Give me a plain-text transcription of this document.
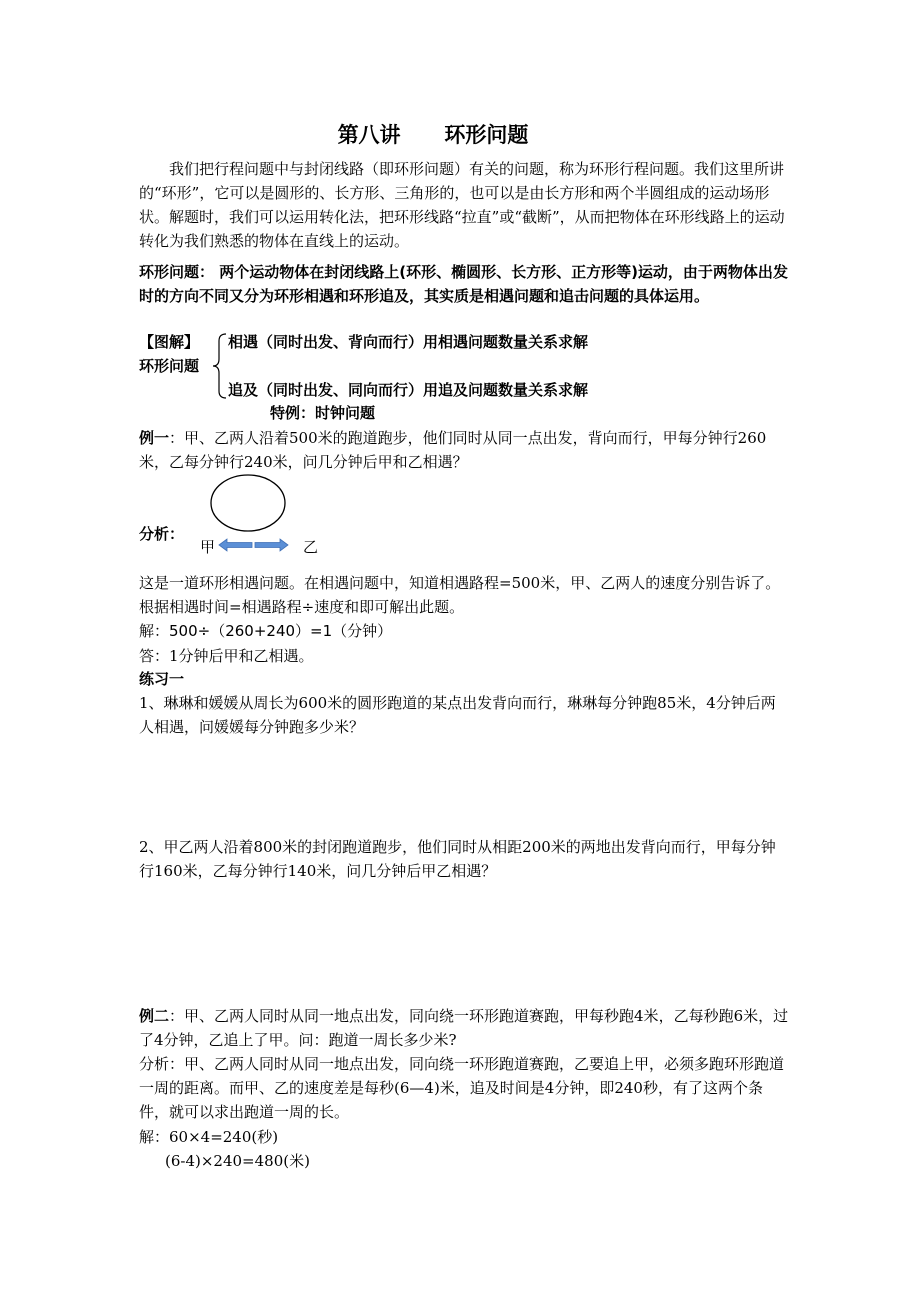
第八讲      环形问题
我们把行程问题中与封闭线路（即环形问题）有关的问题，称为环形行程问题。我们这里所讲的“环形”，它可以是圆形的、长方形、三角形的，也可以是由长方形和两个半圆组成的运动场形状。解题时，我们可以运用转化法，把环形线路“拉直”或“截断”，从而把物体在环形线路上的运动转化为我们熟悉的物体在直线上的运动。
环形问题： 两个运动物体在封闭线路上(环形、椭圆形、长方形、正方形等)运动，由于两物体出发时的方向不同又分为环形相遇和环形追及，其实质是相遇问题和追击问题的具体运用。
【图解】
环形问题
相遇（同时出发、背向而行）用相遇问题数量关系求解
追及（同时出发、同向而行）用追及问题数量关系求解
特例：时钟问题
例一：甲、乙两人沿着500米的跑道跑步，他们同时从同一点出发，背向而行，甲每分钟行260米，乙每分钟行240米，问几分钟后甲和乙相遇？
分析：
甲	乙
这是一道环形相遇问题。在相遇问题中，知道相遇路程=500米，甲、乙两人的速度分别告诉了。根据相遇时间=相遇路程÷速度和即可解出此题。
解：500÷（260+240）=1（分钟）
答：1分钟后甲和乙相遇。
练习一
1、琳琳和媛媛从周长为600米的圆形跑道的某点出发背向而行，琳琳每分钟跑85米，4分钟后两人相遇，问媛媛每分钟跑多少米？
2、甲乙两人沿着800米的封闭跑道跑步，他们同时从相距200米的两地出发背向而行，甲每分钟行160米，乙每分钟行140米，问几分钟后甲乙相遇？
例二：甲、乙两人同时从同一地点出发，同向绕一环形跑道赛跑，甲每秒跑4米，乙每秒跑6米，过了4分钟，乙追上了甲。问：跑道一周长多少米?
分析：甲、乙两人同时从同一地点出发，同向绕一环形跑道赛跑，乙要追上甲，必须多跑环形跑道一周的距离。而甲、乙的速度差是每秒(6—4)米，追及时间是4分钟，即240秒，有了这两个条件，就可以求出跑道一周的长。
解：60×4=240(秒)
(6-4)×240=480(米)
